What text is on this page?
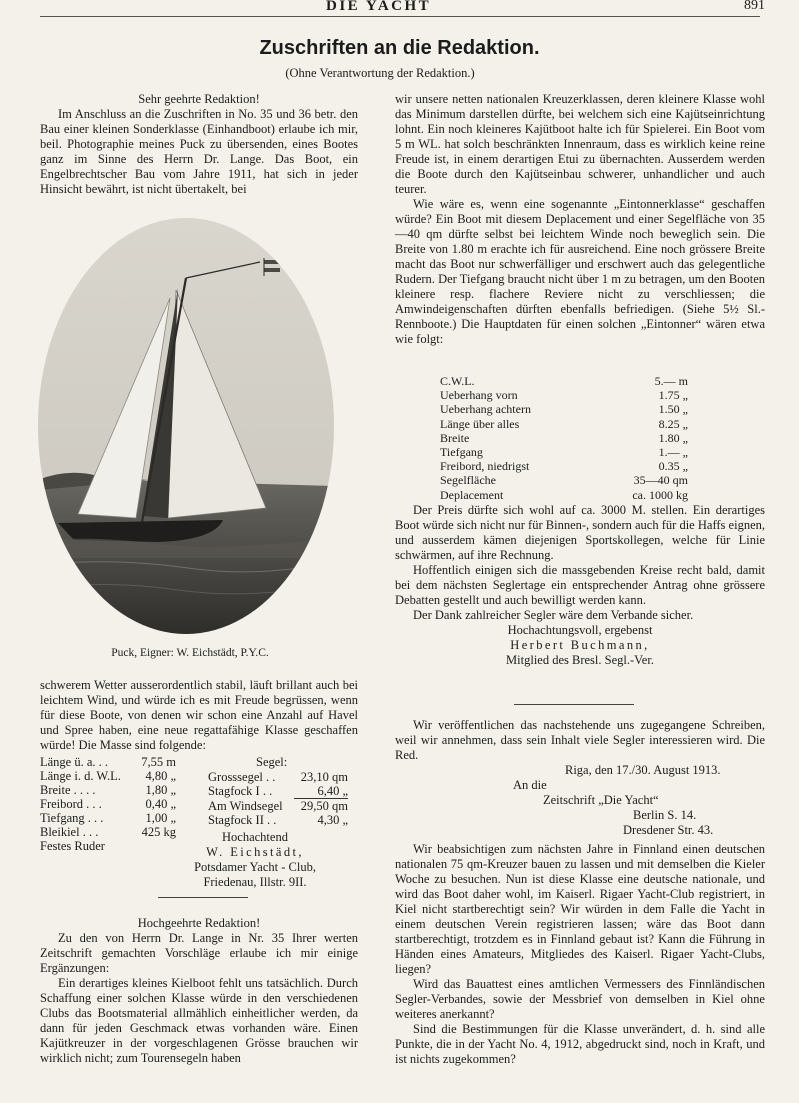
DIE YACHT	891
Zuschriften an die Redaktion.
(Ohne Verantwortung der Redaktion.)
Sehr geehrte Redaktion!

Im Anschluss an die Zuschriften in No. 35 und 36 betr. den Bau einer kleinen Sonderklasse (Einhandboot) erlaube ich mir, beil. Photographie meines Puck zu übersenden, eines Bootes ganz im Sinne des Herrn Dr. Lange. Das Boot, ein Engelbrechtscher Bau vom Jahre 1911, hat sich in jeder Hinsicht bewährt, ist nicht übertakelt, bei

Puck, Eigner: W. Eichstädt, P.Y.C.

schwerem Wetter ausserordentlich stabil, läuft brillant auch bei leichtem Wind, und würde ich es mit Freude begrüssen, wenn für diese Boote, von denen wir schon eine Anzahl auf Havel und Spree haben, eine neue regattafähige Klasse geschaffen würde! Die Masse sind folgende:

Länge ü. a. . .	7,55 m
Länge i. d. W.L.	4,80 „
Breite . . . .	1,80 „
Freibord . . .	0,40 „
Tiefgang . . .	1,00 „
Bleikiel . . .	425 kg
Festes Ruder	
Segel:
Grosssegel . .	23,10 qm
Stagfock I . .	6,40 „
Am Windsegel	29,50 qm
Stagfock II . .	4,30 „
Hochachtend
W. Eichstädt,
Potsdamer Yacht - Club,
Friedenau, Illstr. 9II.
Hochgeehrte Redaktion!

Zu den von Herrn Dr. Lange in Nr. 35 Ihrer werten Zeitschrift gemachten Vorschläge erlaube ich mir einige Ergänzungen:

Ein derartiges kleines Kielboot fehlt uns tatsächlich. Durch Schaffung einer solchen Klasse würde in den verschiedenen Clubs das Bootsmaterial allmählich einheitlicher werden, da dann für jeden Geschmack etwas vorhanden wäre. Einen Kajütkreuzer in der vorgeschlagenen Grösse brauchen wir wirklich nicht; zum Tourensegeln haben

wir unsere netten nationalen Kreuzerklassen, deren kleinere Klasse wohl das Minimum darstellen dürfte, bei welchem sich eine Kajütseinrichtung lohnt. Ein noch kleineres Kajütboot halte ich für Spielerei. Ein Boot vom 5 m WL. hat solch beschränkten Innenraum, dass es wirklich keine reine Freude ist, in einem derartigen Etui zu übernachten. Ausserdem werden die Boote durch den Kajütseinbau schwerer, unhandlicher und auch teurer.

Wie wäre es, wenn eine sogenannte „Eintonnerklasse“ geschaffen würde? Ein Boot mit diesem Deplacement und einer Segelfläche von 35—40 qm dürfte selbst bei leichtem Winde noch beweglich sein. Die Breite von 1.80 m erachte ich für ausreichend. Eine noch grössere Breite macht das Boot nur schwerfälliger und erschwert auch das gelegentliche Rudern. Der Tiefgang braucht nicht über 1 m zu betragen, um den Booten kleinere resp. flachere Reviere nicht zu verschliessen; die Amwindeigenschaften dürften ebenfalls befriedigen. (Siehe 5½ Sl.-Rennboote.) Die Hauptdaten für einen solchen „Eintonner“ wären etwa wie folgt:

C.W.L.	5.— m
Ueberhang vorn	1.75 „
Ueberhang achtern	1.50 „
Länge über alles	8.25 „
Breite	1.80 „
Tiefgang	1.— „
Freibord, niedrigst	0.35 „
Segelfläche	35—40 qm
Deplacement	ca. 1000 kg

Der Preis dürfte sich wohl auf ca. 3000 M. stellen. Ein derartiges Boot würde sich nicht nur für Binnen-, sondern auch für die Haffs eignen, und ausserdem kämen diejenigen Sportskollegen, welche für Linie schwärmen, auf ihre Rechnung.

Hoffentlich einigen sich die massgebenden Kreise recht bald, damit bei dem nächsten Seglertage ein entsprechender Antrag ohne grössere Debatten gestellt und auch bewilligt werden kann.

Der Dank zahlreicher Segler wäre dem Verbande sicher.

Hochachtungsvoll, ergebenst
Herbert Buchmann,
Mitglied des Bresl. Segl.-Ver.

Wir veröffentlichen das nachstehende uns zugegangene Schreiben, weil wir annehmen, dass sein Inhalt viele Segler interessieren wird. Die Red.

Riga, den 17./30. August 1913.
An die
Zeitschrift „Die Yacht“
Berlin S. 14.
Dresdener Str. 43.

Wir beabsichtigen zum nächsten Jahre in Finnland einen deutschen nationalen 75 qm-Kreuzer bauen zu lassen und mit demselben die Kieler Woche zu besuchen. Nun ist diese Klasse eine deutsche nationale, und wird das Boot daher wohl, im Kaiserl. Rigaer Yacht-Club registriert, in Kiel nicht startberechtigt sein? Wir würden in dem Falle die Yacht in einem deutschen Verein registrieren lassen; wäre das Boot dann startberechtigt, trotzdem es in Finnland gebaut ist? Kann die Führung in Händen eines Amateurs, Mitgliedes des Kaiserl. Rigaer Yacht-Clubs, liegen?

Wird das Bauattest eines amtlichen Vermessers des Finnländischen Segler-Verbandes, sowie der Messbrief von demselben in Kiel ohne weiteres anerkannt?

Sind die Bestimmungen für die Klasse unverändert, d. h. sind alle Punkte, die in der Yacht No. 4, 1912, abgedruckt sind, noch in Kraft, und ist nichts zugekommen?
